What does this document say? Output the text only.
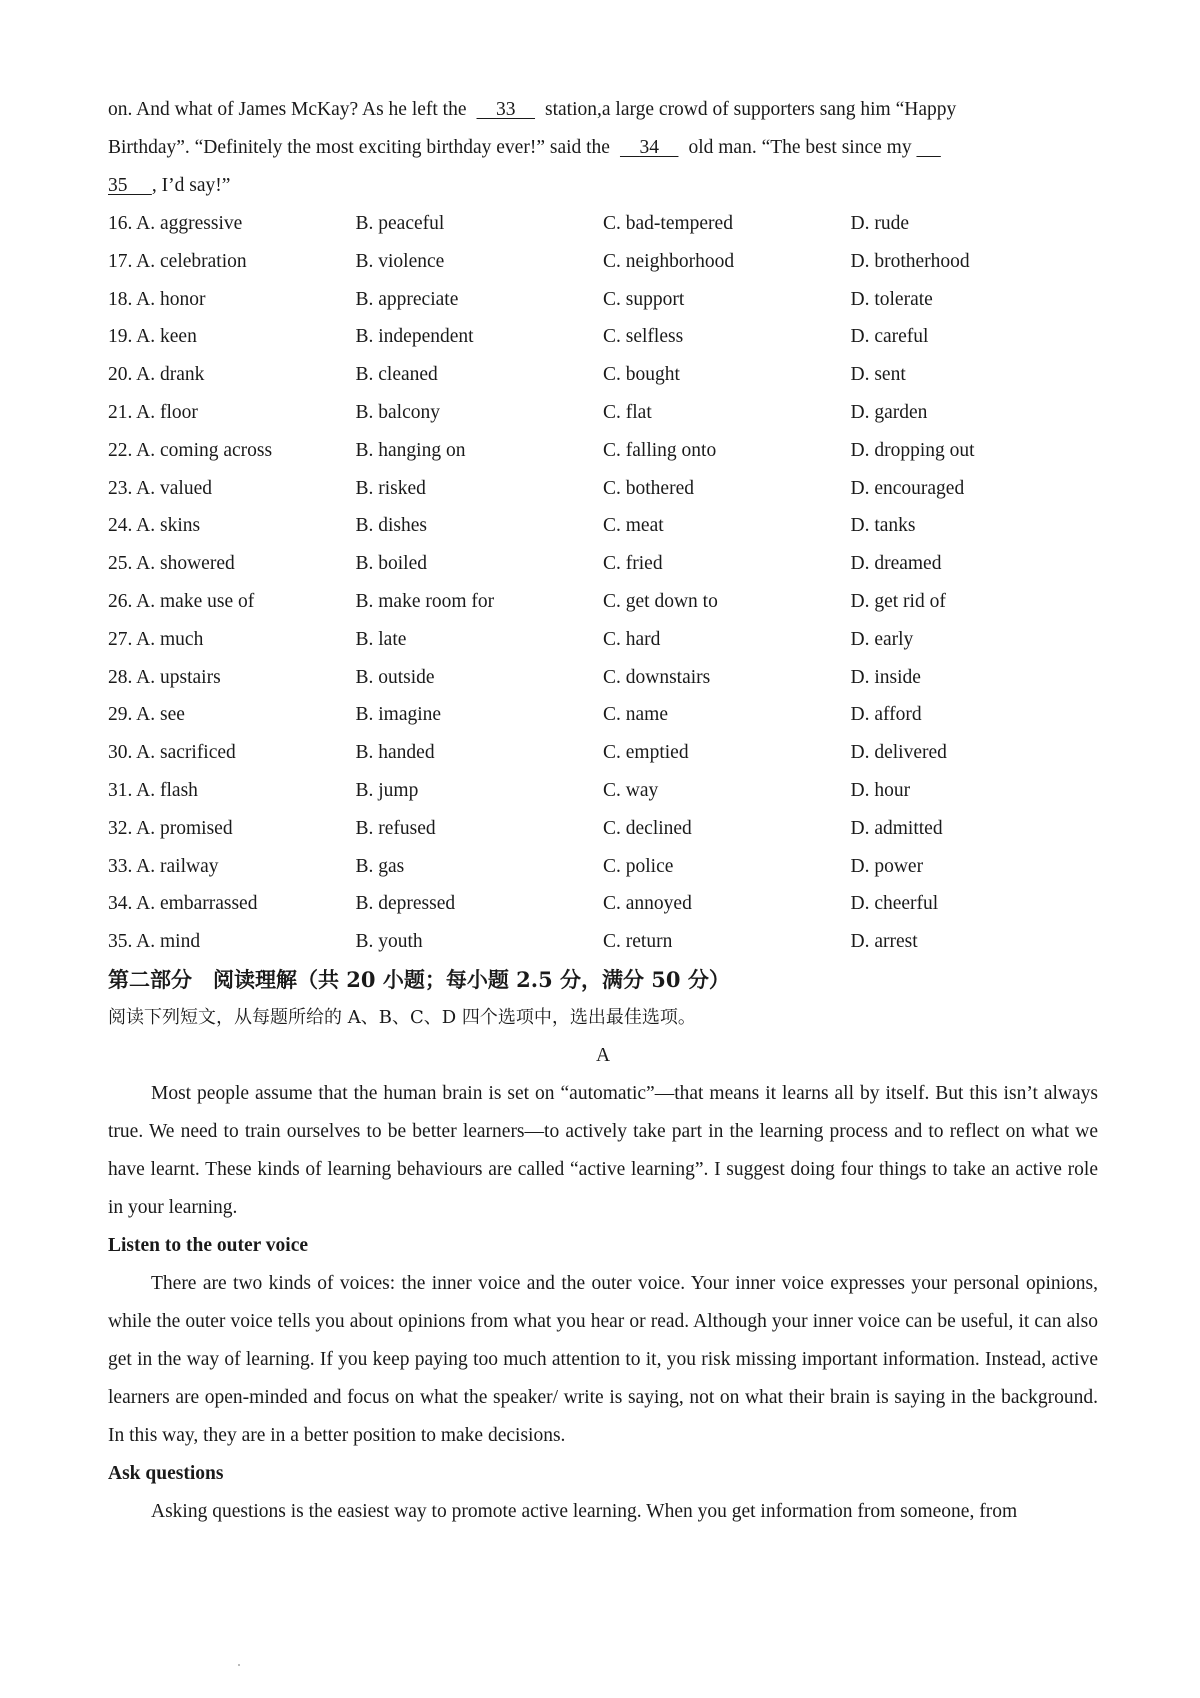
on. And what of James McKay? As he left the 33 station,a large crowd of supporters sang him “Happy
Birthday”. “Definitely the most exciting birthday ever!” said the 34 old man. “The best since my
35 , I’d say!”
16. A. aggressive	B. peaceful	C. bad-tempered	D. rude
17. A. celebration	B. violence	C. neighborhood	D. brotherhood
18. A. honor	B. appreciate	C. support	D. tolerate
19. A. keen	B. independent	C. selfless	D. careful
20. A. drank	B. cleaned	C. bought	D. sent
21. A. floor	B. balcony	C. flat	D. garden
22. A. coming across	B. hanging on	C. falling onto	D. dropping out
23. A. valued	B. risked	C. bothered	D. encouraged
24. A. skins	B. dishes	C. meat	D. tanks
25. A. showered	B. boiled	C. fried	D. dreamed
26. A. make use of	B. make room for	C. get down to	D. get rid of
27. A. much	B. late	C. hard	D. early
28. A. upstairs	B. outside	C. downstairs	D. inside
29. A. see	B. imagine	C. name	D. afford
30. A. sacrificed	B. handed	C. emptied	D. delivered
31. A. flash	B. jump	C. way	D. hour
32. A. promised	B. refused	C. declined	D. admitted
33. A. railway	B. gas	C. police	D. power
34. A. embarrassed	B. depressed	C. annoyed	D. cheerful
35. A. mind	B. youth	C. return	D. arrest
第二部分　阅读理解（共 20 小题；每小题 2.5 分，满分 50 分）
阅读下列短文，从每题所给的 A、B、C、D 四个选项中，选出最佳选项。
A
Most people assume that the human brain is set on “automatic”—that means it learns all by itself. But this isn’t always true. We need to train ourselves to be better learners—to actively take part in the learning process and to reflect on what we have learnt. These kinds of learning behaviours are called “active learning”. I suggest doing four things to take an active role in your learning.
Listen to the outer voice
There are two kinds of voices: the inner voice and the outer voice. Your inner voice expresses your personal opinions, while the outer voice tells you about opinions from what you hear or read. Although your inner voice can be useful, it can also get in the way of learning. If you keep paying too much attention to it, you risk missing important information. Instead, active learners are open-minded and focus on what the speaker/ write is saying, not on what their brain is saying in the background. In this way, they are in a better position to make decisions.
Ask questions
Asking questions is the easiest way to promote active learning. When you get information from someone, from
